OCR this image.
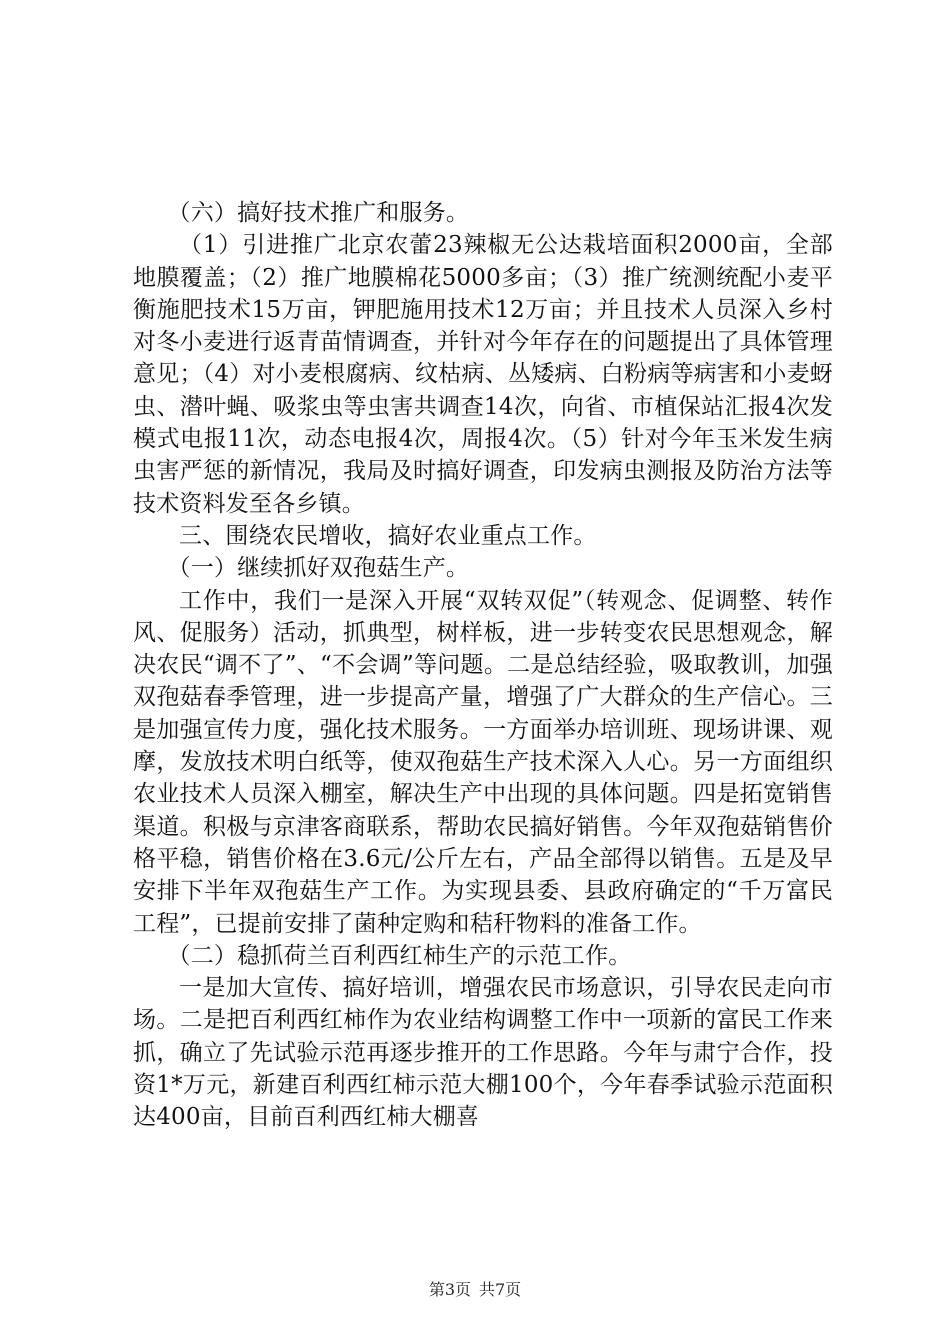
（六）搞好技术推广和服务。

（1）引进推广北京农蕾23辣椒无公达栽培面积2000亩，全部地膜覆盖；（2）推广地膜棉花5000多亩；（3）推广统测统配小麦平衡施肥技术15万亩，钾肥施用技术12万亩；并且技术人员深入乡村对冬小麦进行返青苗情调查，并针对今年存在的问题提出了具体管理意见；（4）对小麦根腐病、纹枯病、丛矮病、白粉病等病害和小麦蚜虫、潜叶蝇、吸浆虫等虫害共调查14次，向省、市植保站汇报4次发模式电报11次，动态电报4次，周报4次。（5）针对今年玉米发生病虫害严惩的新情况，我局及时搞好调查，印发病虫测报及防治方法等技术资料发至各乡镇。

三、围绕农民增收，搞好农业重点工作。

（一）继续抓好双孢菇生产。

工作中，我们一是深入开展“双转双促”（转观念、促调整、转作风、促服务）活动，抓典型，树样板，进一步转变农民思想观念，解决农民“调不了”、“不会调”等问题。二是总结经验，吸取教训，加强双孢菇春季管理，进一步提高产量，增强了广大群众的生产信心。三是加强宣传力度，强化技术服务。一方面举办培训班、现场讲课、观摩，发放技术明白纸等，使双孢菇生产技术深入人心。另一方面组织农业技术人员深入棚室，解决生产中出现的具体问题。四是拓宽销售渠道。积极与京津客商联系，帮助农民搞好销售。今年双孢菇销售价格平稳，销售价格在3.6元/公斤左右，产品全部得以销售。五是及早安排下半年双孢菇生产工作。为实现县委、县政府确定的“千万富民工程”，已提前安排了菌种定购和秸秆物料的准备工作。

（二）稳抓荷兰百利西红柿生产的示范工作。

一是加大宣传、搞好培训，增强农民市场意识，引导农民走向市场。二是把百利西红柿作为农业结构调整工作中一项新的富民工作来抓，确立了先试验示范再逐步推开的工作思路。今年与肃宁合作，投资1*万元，新建百利西红柿示范大棚100个，今年春季试验示范面积达400亩，目前百利西红柿大棚喜

第3页 共7页
